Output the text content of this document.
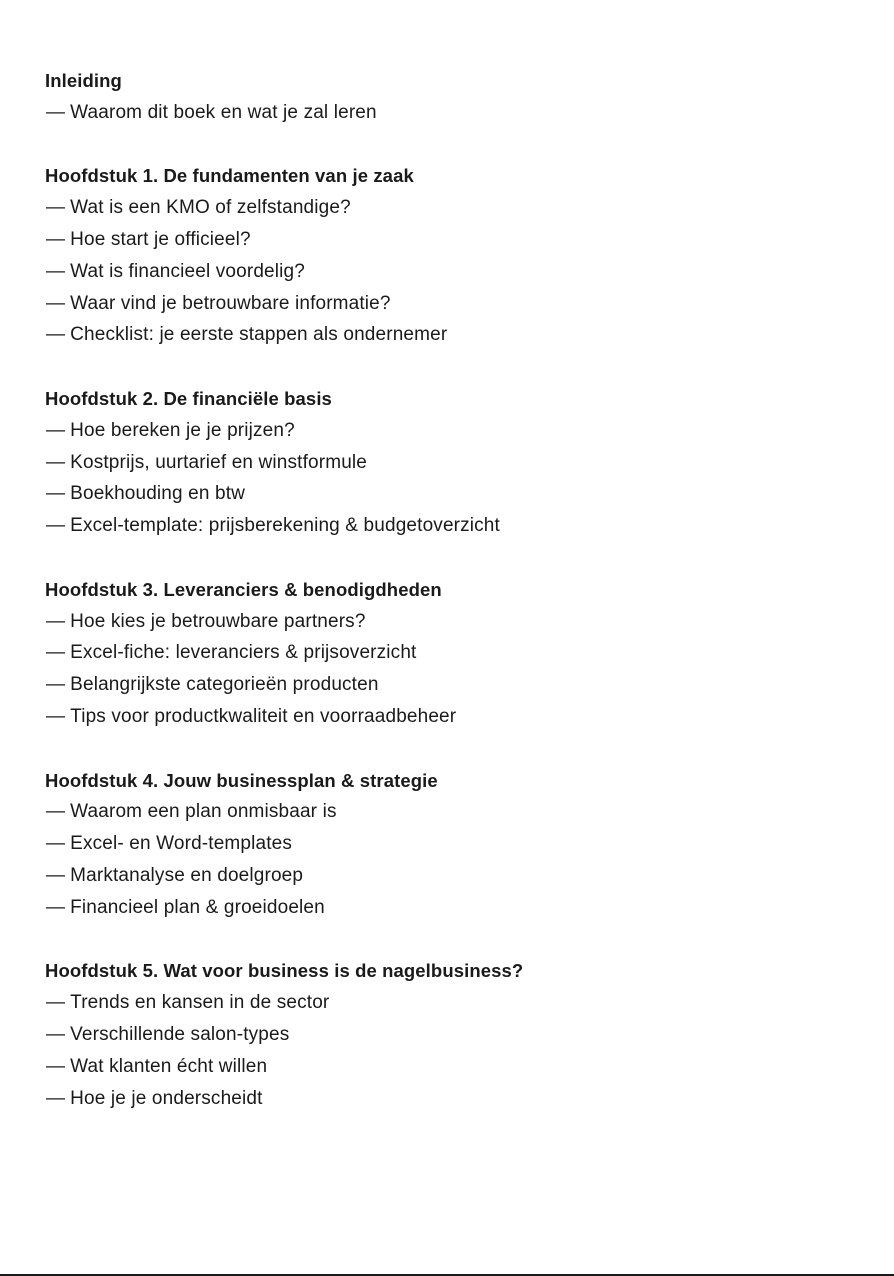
Inleiding
— Waarom dit boek en wat je zal leren
Hoofdstuk 1. De fundamenten van je zaak
— Wat is een KMO of zelfstandige?
— Hoe start je officieel?
— Wat is financieel voordelig?
— Waar vind je betrouwbare informatie?
— Checklist: je eerste stappen als ondernemer
Hoofdstuk 2. De financiële basis
— Hoe bereken je je prijzen?
— Kostprijs, uurtarief en winstformule
— Boekhouding en btw
— Excel-template: prijsberekening & budgetoverzicht
Hoofdstuk 3. Leveranciers & benodigdheden
— Hoe kies je betrouwbare partners?
— Excel-fiche: leveranciers & prijsoverzicht
— Belangrijkste categorieën producten
— Tips voor productkwaliteit en voorraadbeheer
Hoofdstuk 4. Jouw businessplan & strategie
— Waarom een plan onmisbaar is
— Excel- en Word-templates
— Marktanalyse en doelgroep
— Financieel plan & groeidoelen
Hoofdstuk 5. Wat voor business is de nagelbusiness?
— Trends en kansen in de sector
— Verschillende salon-types
— Wat klanten écht willen
— Hoe je je onderscheidt
